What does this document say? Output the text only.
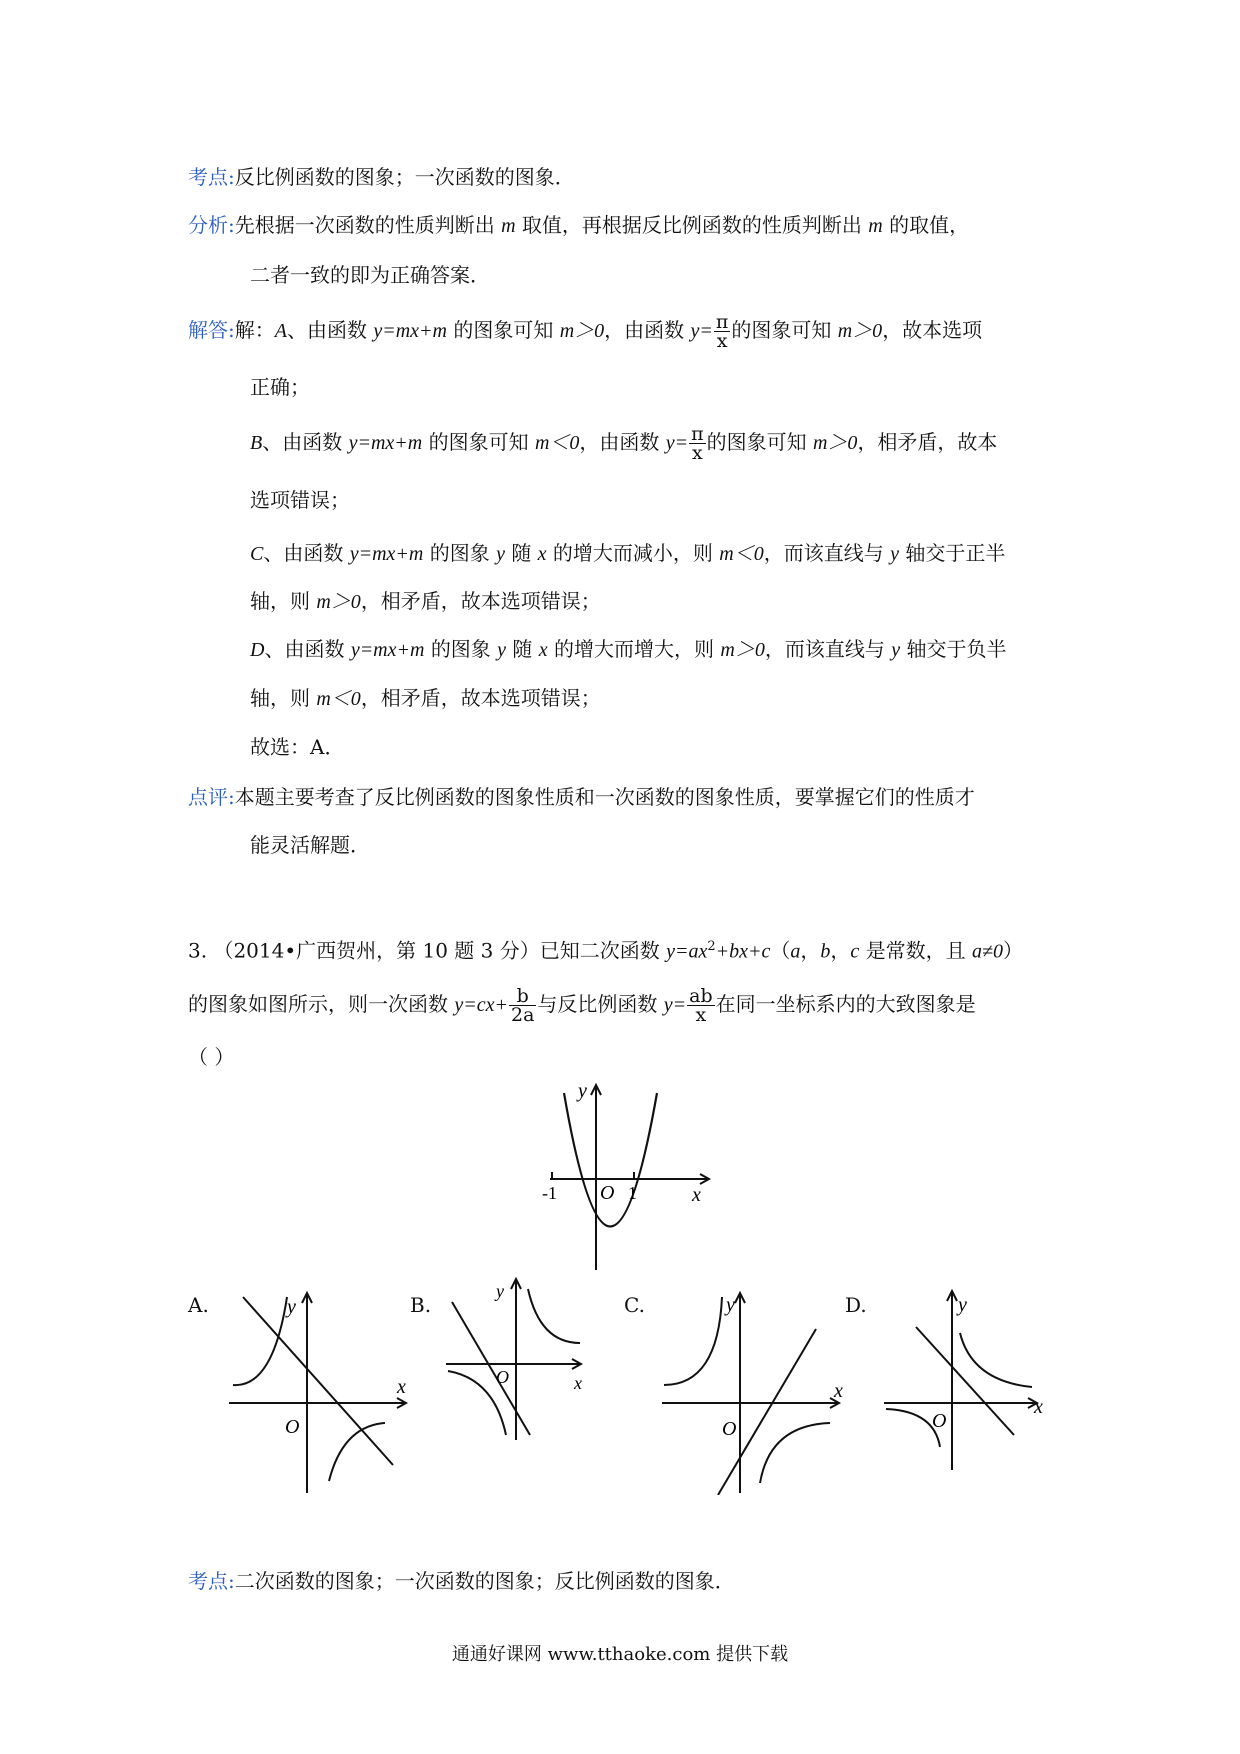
考点:反比例函数的图象；一次函数的图象．
分析:先根据一次函数的性质判断出 m 取值，再根据反比例函数的性质判断出 m 的取值，
二者一致的即为正确答案．
解答:解：A、由函数 y=mx+m 的图象可知 m＞0，由函数 $y= \frac{\pi}{x}$ 的图象可知 m＞0，故本选项
正确；
B、由函数 y=mx+m 的图象可知 m＜0，由函数 $y= \frac{\pi}{x}$ 的图象可知 m＞0，相矛盾，故本
选项错误；
C、由函数 y=mx+m 的图象 y 随 x 的增大而减小，则 m＜0，而该直线与 y 轴交于正半
轴，则 m＞0，相矛盾，故本选项错误；
D、由函数 y=mx+m 的图象 y 随 x 的增大而增大，则 m＞0，而该直线与 y 轴交于负半
轴，则 m＜0，相矛盾，故本选项错误；
故选：A．
点评:本题主要考查了反比例函数的图象性质和一次函数的图象性质，要掌握它们的性质才
能灵活解题．
3. （2014•广西贺州，第 10 题 3 分）已知二次函数 $y=ax^2+bx+c(a$，b，c 是常数，且 a≠0）
的图象如图所示，则一次函数 $y=cx+ \frac{b}{2a}$ 与反比例函数 $y= \frac{ab}{x}$ 在同一坐标系内的大致图象是
（ ）
y
x
O
-1	1
A.	B.	C.	D.
y
x
O
y
x
O
y
x
O
y
x
O
考点:二次函数的图象；一次函数的图象；反比例函数的图象．
通通好课网 www.tthaoke.com 提供下载
